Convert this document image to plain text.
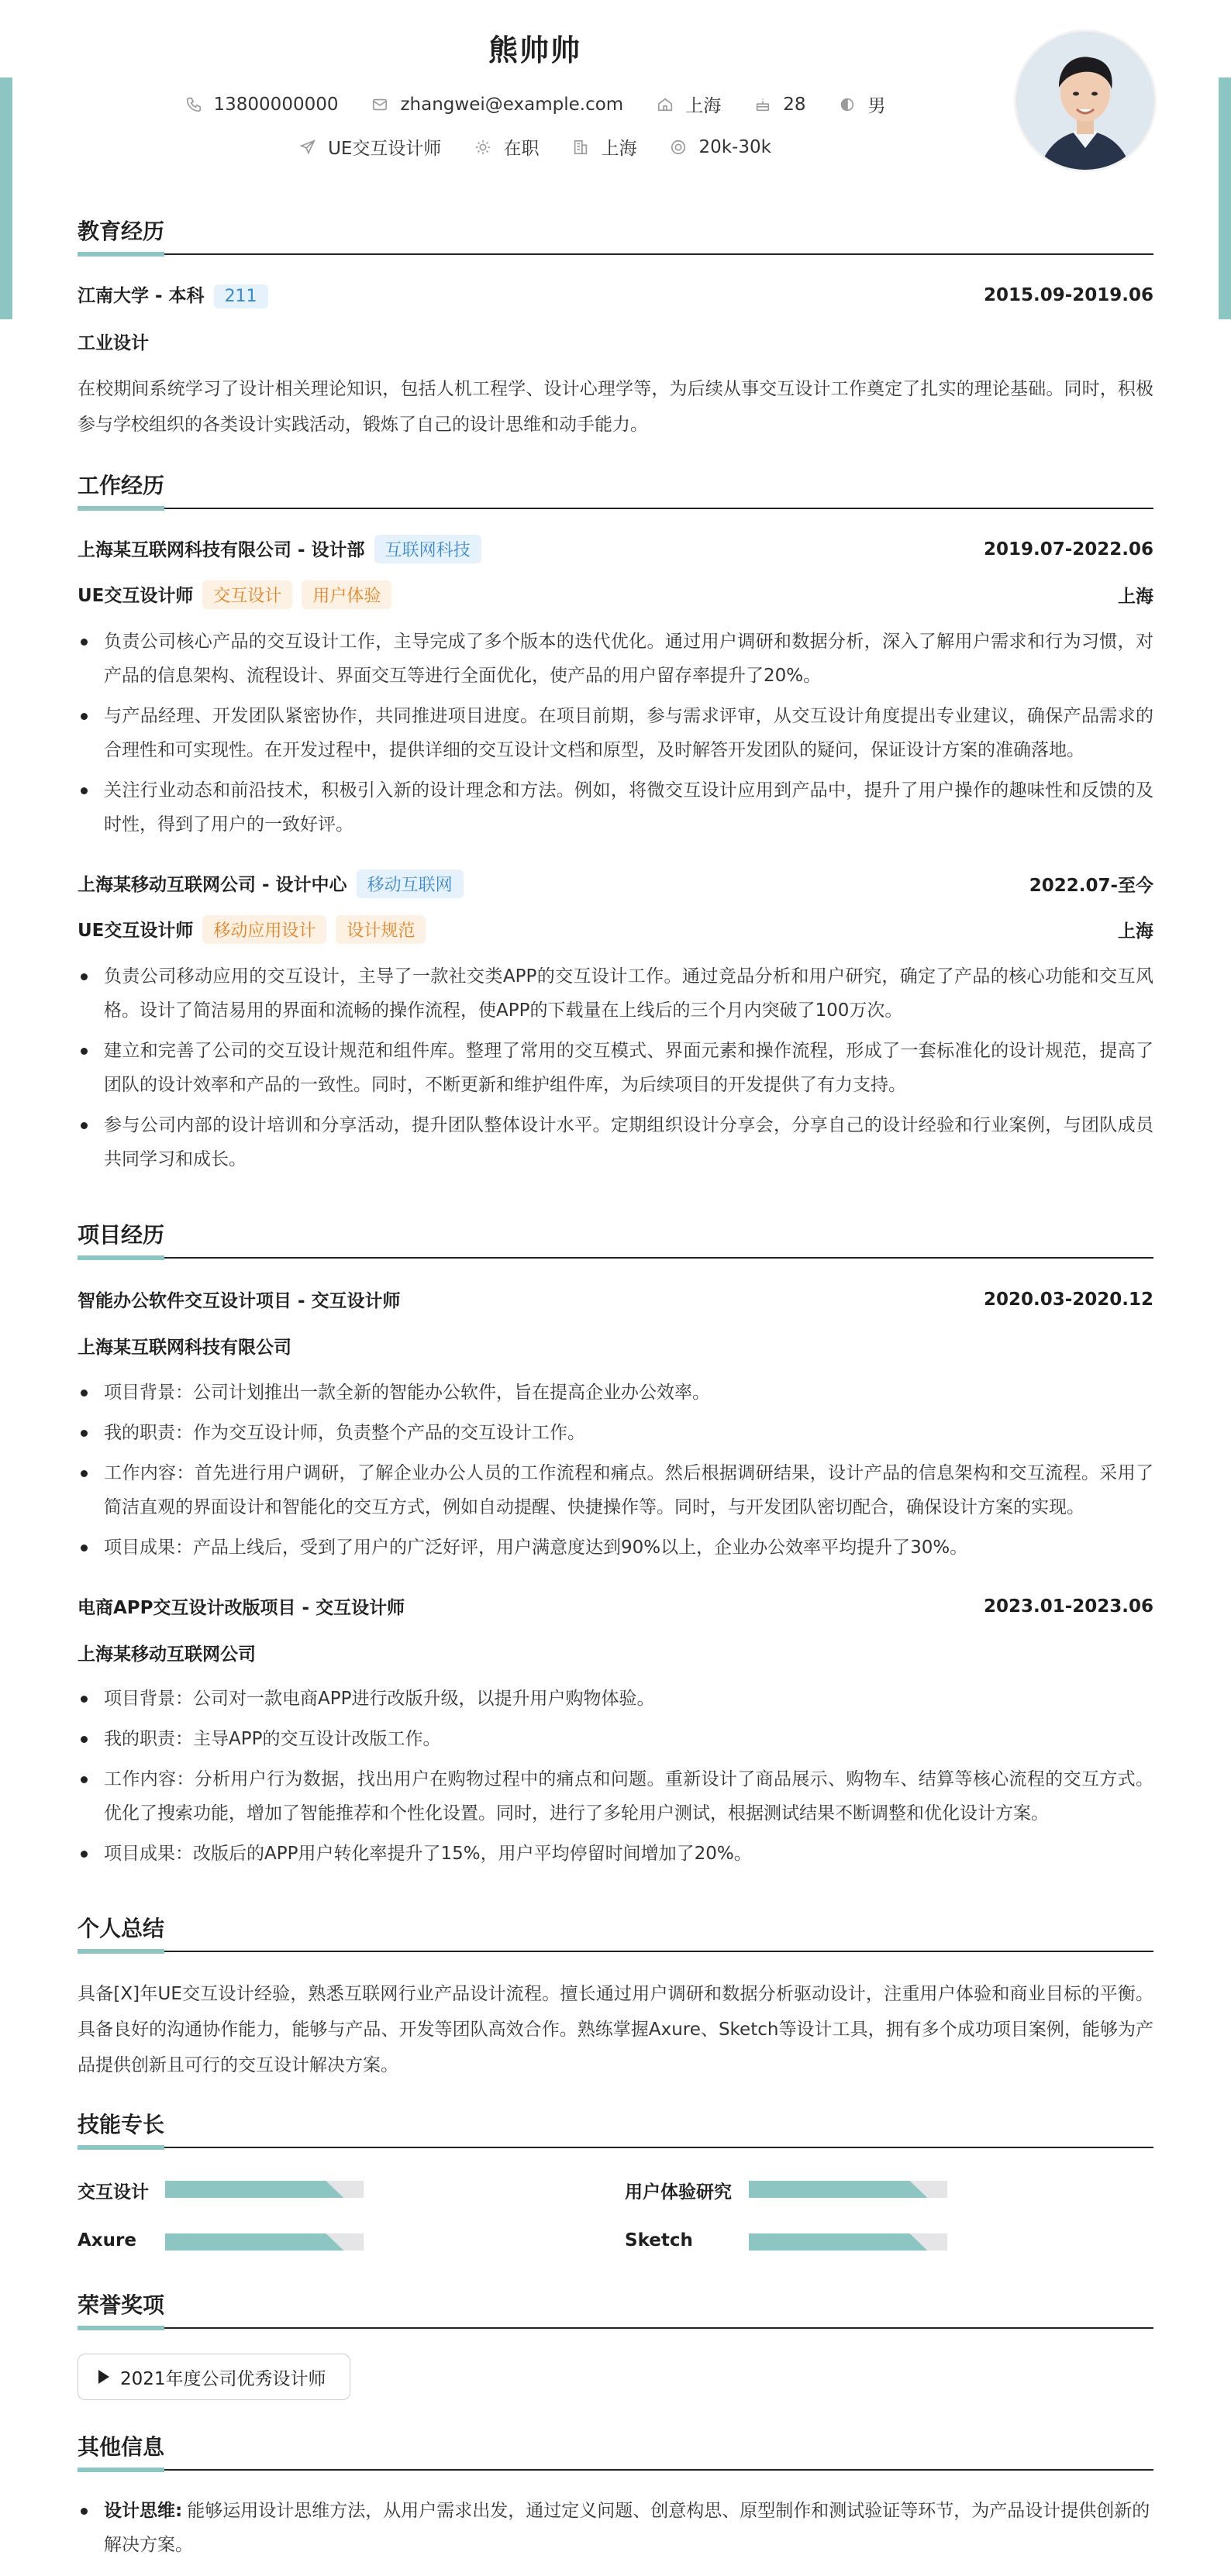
熊帅帅
13800000000	zhangwei@example.com	上海	28	男
UE交互设计师	在职	上海	20k-30k
教育经历
江南大学 - 本科 211	2015.09-2019.06
工业设计
在校期间系统学习了设计相关理论知识，包括人机工程学、设计心理学等，为后续从事交互设计工作奠定了扎实的理论基础。同时，积极参与学校组织的各类设计实践活动，锻炼了自己的设计思维和动手能力。
工作经历
上海某互联网科技有限公司 - 设计部 互联网科技	2019.07-2022.06
UE交互设计师 交互设计 用户体验	上海
负责公司核心产品的交互设计工作，主导完成了多个版本的迭代优化。通过用户调研和数据分析，深入了解用户需求和行为习惯，对产品的信息架构、流程设计、界面交互等进行全面优化，使产品的用户留存率提升了20%。
与产品经理、开发团队紧密协作，共同推进项目进度。在项目前期，参与需求评审，从交互设计角度提出专业建议，确保产品需求的合理性和可实现性。在开发过程中，提供详细的交互设计文档和原型，及时解答开发团队的疑问，保证设计方案的准确落地。
关注行业动态和前沿技术，积极引入新的设计理念和方法。例如，将微交互设计应用到产品中，提升了用户操作的趣味性和反馈的及时性，得到了用户的一致好评。
上海某移动互联网公司 - 设计中心 移动互联网	2022.07-至今
UE交互设计师 移动应用设计 设计规范	上海
负责公司移动应用的交互设计，主导了一款社交类APP的交互设计工作。通过竞品分析和用户研究，确定了产品的核心功能和交互风格。设计了简洁易用的界面和流畅的操作流程，使APP的下载量在上线后的三个月内突破了100万次。
建立和完善了公司的交互设计规范和组件库。整理了常用的交互模式、界面元素和操作流程，形成了一套标准化的设计规范，提高了团队的设计效率和产品的一致性。同时，不断更新和维护组件库，为后续项目的开发提供了有力支持。
参与公司内部的设计培训和分享活动，提升团队整体设计水平。定期组织设计分享会，分享自己的设计经验和行业案例，与团队成员共同学习和成长。
项目经历
智能办公软件交互设计项目 - 交互设计师	2020.03-2020.12
上海某互联网科技有限公司
项目背景：公司计划推出一款全新的智能办公软件，旨在提高企业办公效率。
我的职责：作为交互设计师，负责整个产品的交互设计工作。
工作内容：首先进行用户调研，了解企业办公人员的工作流程和痛点。然后根据调研结果，设计产品的信息架构和交互流程。采用了简洁直观的界面设计和智能化的交互方式，例如自动提醒、快捷操作等。同时，与开发团队密切配合，确保设计方案的实现。
项目成果：产品上线后，受到了用户的广泛好评，用户满意度达到90%以上，企业办公效率平均提升了30%。
电商APP交互设计改版项目 - 交互设计师	2023.01-2023.06
上海某移动互联网公司
项目背景：公司对一款电商APP进行改版升级，以提升用户购物体验。
我的职责：主导APP的交互设计改版工作。
工作内容：分析用户行为数据，找出用户在购物过程中的痛点和问题。重新设计了商品展示、购物车、结算等核心流程的交互方式。优化了搜索功能，增加了智能推荐和个性化设置。同时，进行了多轮用户测试，根据测试结果不断调整和优化设计方案。
项目成果：改版后的APP用户转化率提升了15%，用户平均停留时间增加了20%。
个人总结
具备[X]年UE交互设计经验，熟悉互联网行业产品设计流程。擅长通过用户调研和数据分析驱动设计，注重用户体验和商业目标的平衡。具备良好的沟通协作能力，能够与产品、开发等团队高效合作。熟练掌握Axure、Sketch等设计工具，拥有多个成功项目案例，能够为产品提供创新且可行的交互设计解决方案。
技能专长
交互设计	用户体验研究
Axure	Sketch
荣誉奖项
2021年度公司优秀设计师
其他信息
设计思维: 能够运用设计思维方法，从用户需求出发，通过定义问题、创意构思、原型制作和测试验证等环节，为产品设计提供创新的解决方案。
